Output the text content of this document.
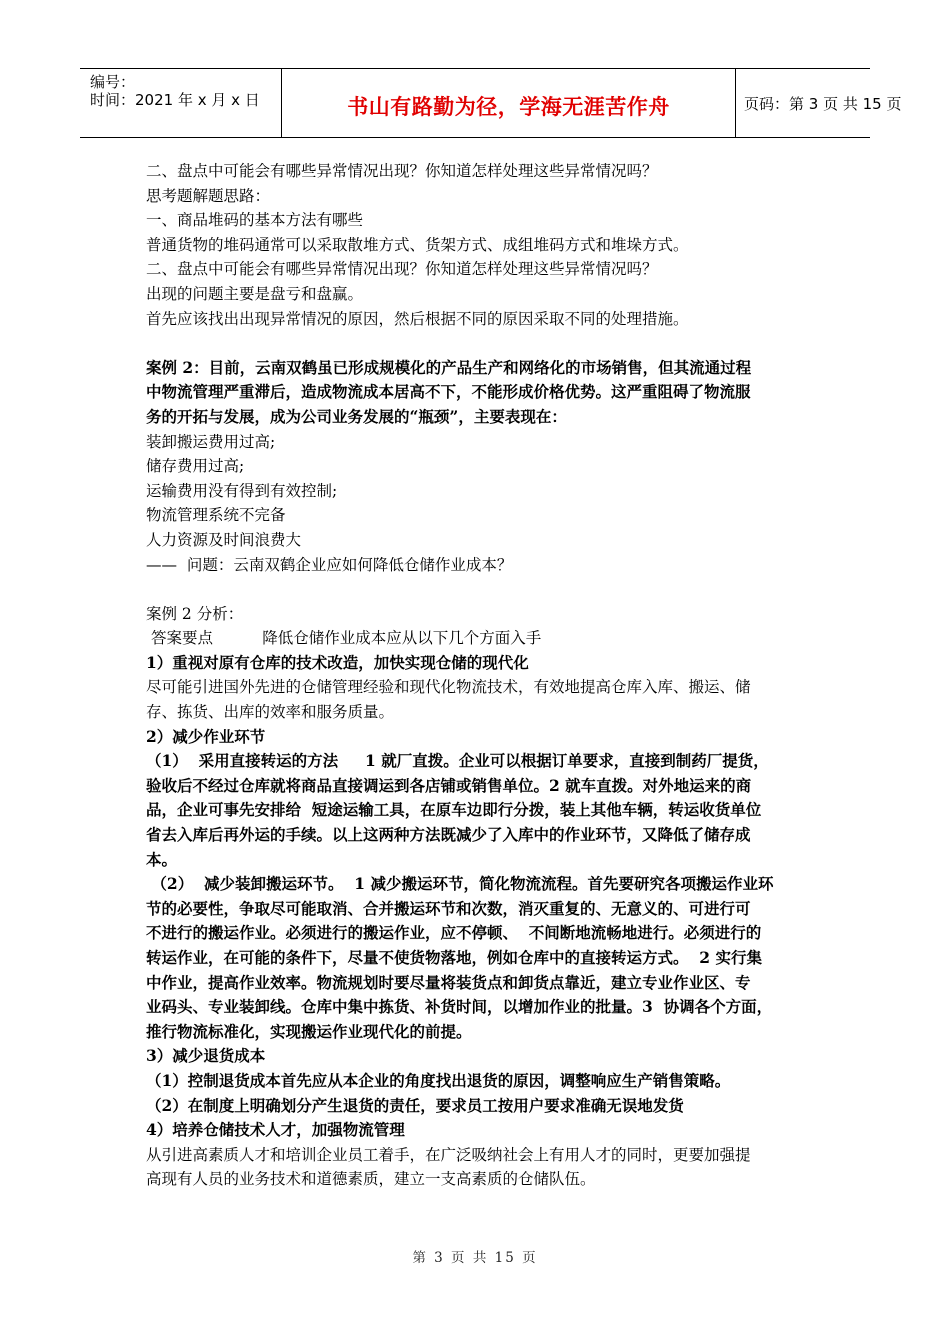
编号：
时间：2021 年 x 月 x 日	书山有路勤为径，学海无涯苦作舟	页码：第 3 页 共 15 页

二、盘点中可能会有哪些异常情况出现？你知道怎样处理这些异常情况吗？

思考题解题思路：

一、商品堆码的基本方法有哪些

普通货物的堆码通常可以采取散堆方式、货架方式、成组堆码方式和堆垛方式。

二、盘点中可能会有哪些异常情况出现？你知道怎样处理这些异常情况吗？

出现的问题主要是盘亏和盘赢。

首先应该找出出现异常情况的原因，然后根据不同的原因采取不同的处理措施。

案例 2：目前，云南双鹤虽已形成规模化的产品生产和网络化的市场销售，但其流通过程

中物流管理严重滞后，造成物流成本居高不下，不能形成价格优势。这严重阻碍了物流服

务的开拓与发展，成为公司业务发展的“瓶颈”，主要表现在：

装卸搬运费用过高;

储存费用过高;

运输费用没有得到有效控制;

物流管理系统不完备

人力资源及时间浪费大

——  问题：云南双鹤企业应如何降低仓储作业成本？

案例 2 分析：

答案要点          降低仓储作业成本应从以下几个方面入手

1）重视对原有仓库的技术改造，加快实现仓储的现代化

尽可能引进国外先进的仓储管理经验和现代化物流技术，有效地提高仓库入库、搬运、储

存、拣货、出库的效率和服务质量。

2）减少作业环节

（1）  采用直接转运的方法     1 就厂直拨。企业可以根据订单要求，直接到制药厂提货，

验收后不经过仓库就将商品直接调运到各店铺或销售单位。2 就车直拨。对外地运来的商

品，企业可事先安排给  短途运输工具，在原车边即行分拨，装上其他车辆，转运收货单位

省去入库后再外运的手续。以上这两种方法既减少了入库中的作业环节，又降低了储存成

本。

（2）  减少装卸搬运环节。  1 减少搬运环节，简化物流流程。首先要研究各项搬运作业环

节的必要性，争取尽可能取消、合并搬运环节和次数，消灭重复的、无意义的、可进行可

不进行的搬运作业。必须进行的搬运作业，应不停顿、  不间断地流畅地进行。必须进行的

转运作业，在可能的条件下，尽量不使货物落地，例如仓库中的直接转运方式。  2 实行集

中作业，提高作业效率。物流规划时要尽量将装货点和卸货点靠近，建立专业作业区、专

业码头、专业装卸线。仓库中集中拣货、补货时间，以增加作业的批量。3  协调各个方面，

推行物流标准化，实现搬运作业现代化的前提。

3）减少退货成本

（1）控制退货成本首先应从本企业的角度找出退货的原因，调整响应生产销售策略。

（2）在制度上明确划分产生退货的责任，要求员工按用户要求准确无误地发货

4）培养仓储技术人才，加强物流管理

从引进高素质人才和培训企业员工着手，在广泛吸纳社会上有用人才的同时，更要加强提

高现有人员的业务技术和道德素质，建立一支高素质的仓储队伍。

第 3 页 共 15 页
